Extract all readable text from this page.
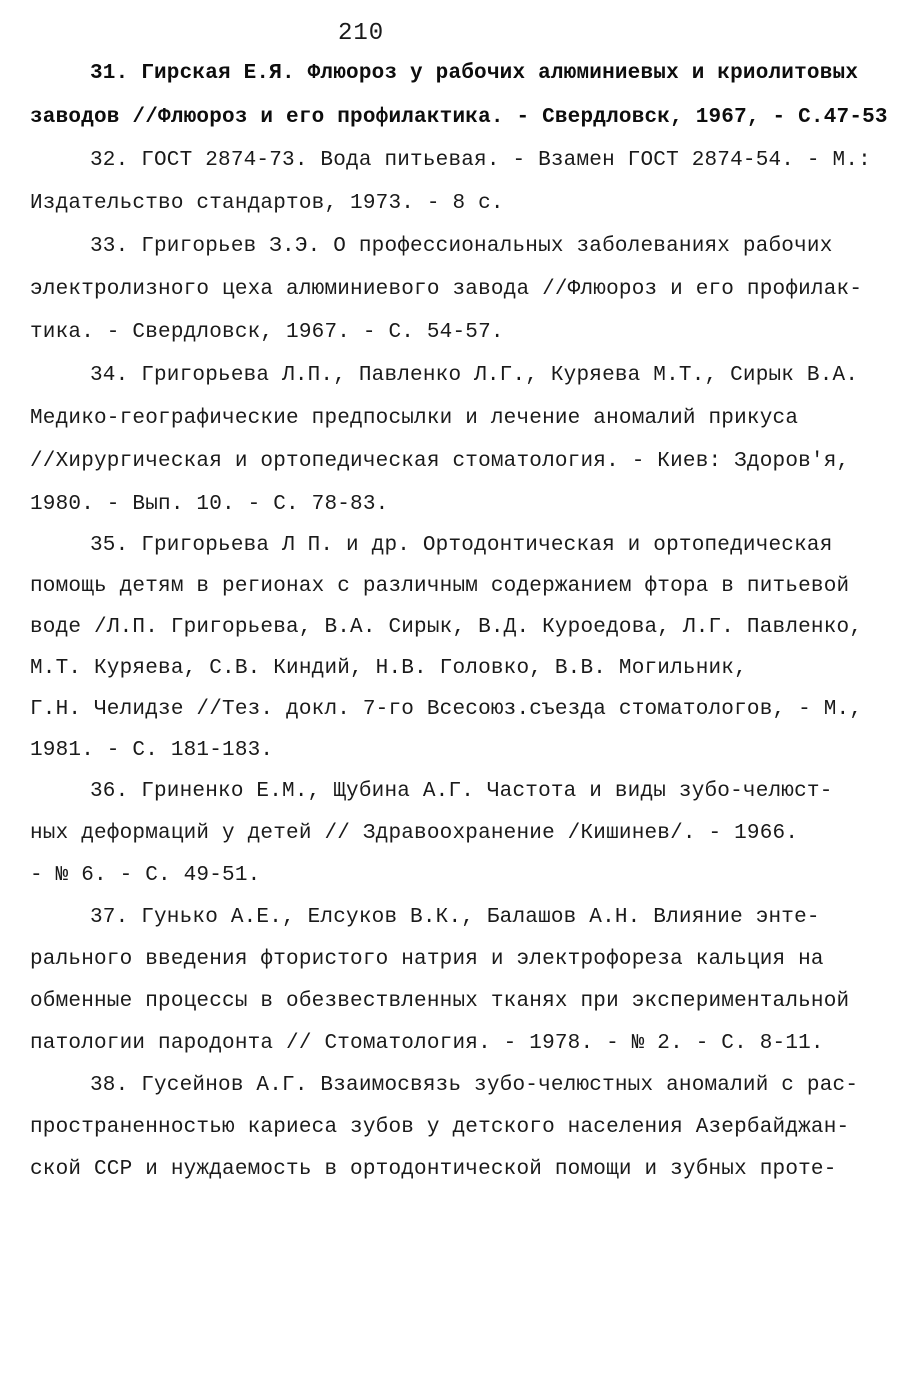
210
31. Гирская Е.Я. Флюороз у рабочих алюминиевых и криолитовых
заводов //Флюороз и его профилактика. - Свердловск, 1967, - С.47-53
32. ГОСТ 2874-73. Вода питьевая. - Взамен ГОСТ 2874-54. - М.:
Издательство стандартов, 1973. - 8 с.
33. Григорьев З.Э. О профессиональных заболеваниях рабочих
электролизного цеха алюминиевого завода //Флюороз и его профилак-
тика. - Свердловск, 1967. - С. 54-57.
34. Григорьева Л.П., Павленко Л.Г., Куряева М.Т., Сирык В.А.
Медико-географические предпосылки и лечение аномалий прикуса
//Хирургическая и ортопедическая стоматология. - Киев: Здоров'я,
1980. - Вып. 10. - С. 78-83.
35. Григорьева Л П. и др. Ортодонтическая и ортопедическая
помощь детям в регионах с различным содержанием фтора в питьевой
воде /Л.П. Григорьева, В.А. Сирык, В.Д. Куроедова, Л.Г. Павленко,
М.Т. Куряева, С.В. Киндий, Н.В. Головко, В.В. Могильник,
Г.Н. Челидзе //Тез. докл. 7-го Всесоюз.съезда стоматологов, - М.,
1981. - С. 181-183.
36. Гриненко Е.М., Щубина А.Г. Частота и виды зубо-челюст-
ных деформаций у детей // Здравоохранение /Кишинев/. - 1966.
- № 6. - С. 49-51.
37. Гунько А.Е., Елсуков В.К., Балашов А.Н. Влияние энте-
рального введения фтористого натрия и электрофореза кальция на
обменные процессы в обезвествленных тканях при экспериментальной
патологии пародонта // Стоматология. - 1978. - № 2. - С. 8-11.
38. Гусейнов А.Г. Взаимосвязь зубо-челюстных аномалий с рас-
пространенностью кариеса зубов у детского населения Азербайджан-
ской ССР и нуждаемость в ортодонтической помощи и зубных проте-
